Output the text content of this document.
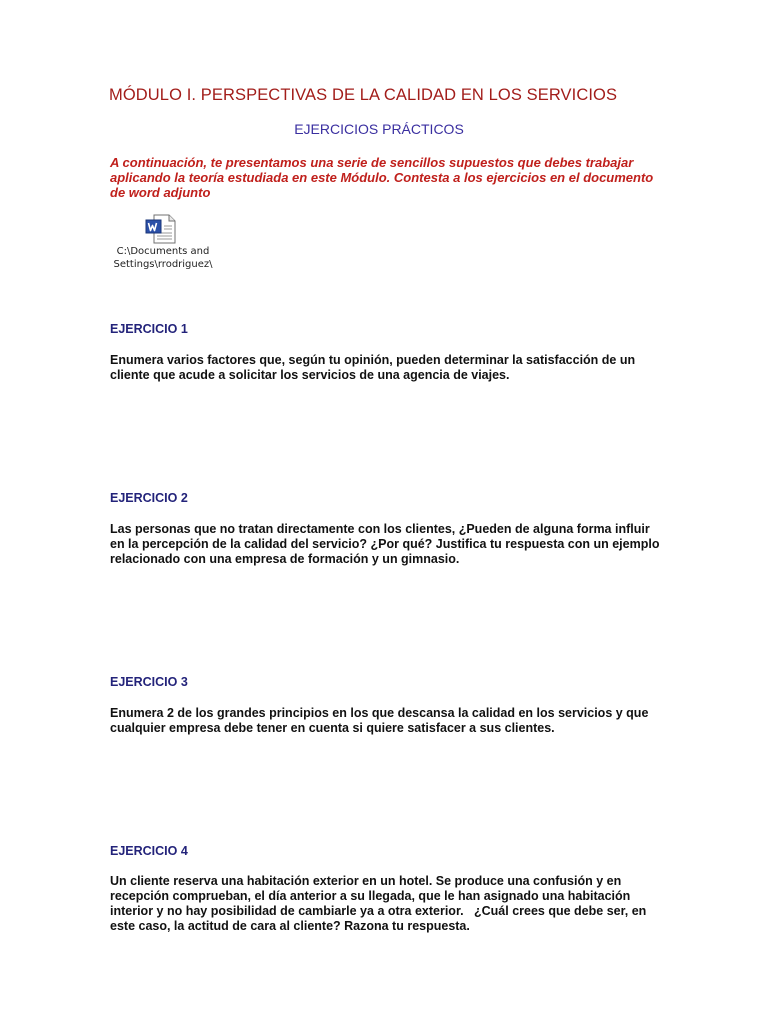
MÓDULO I. PERSPECTIVAS DE LA CALIDAD EN LOS SERVICIOS
EJERCICIOS PRÁCTICOS
A continuación, te presentamos una serie de sencillos supuestos que debes trabajar aplicando la teoría estudiada en este Módulo. Contesta a los ejercicios en el documento de word adjunto
C:\Documents and
Settings\rrodriguez\
EJERCICIO 1
Enumera varios factores que, según tu opinión, pueden determinar la satisfacción de un cliente que acude a solicitar los servicios de una agencia de viajes.
EJERCICIO 2
Las personas que no tratan directamente con los clientes, ¿Pueden de alguna forma influir en la percepción de la calidad del servicio? ¿Por qué? Justifica tu respuesta con un ejemplo relacionado con una empresa de formación y un gimnasio.
EJERCICIO 3
Enumera 2 de los grandes principios en los que descansa la calidad en los servicios y que cualquier empresa debe tener en cuenta si quiere satisfacer a sus clientes.
EJERCICIO 4
Un cliente reserva una habitación exterior en un hotel. Se produce una confusión y en recepción comprueban, el día anterior a su llegada, que le han asignado una habitación interior y no hay posibilidad de cambiarle ya a otra exterior.   ¿Cuál crees que debe ser, en este caso, la actitud de cara al cliente? Razona tu respuesta.
